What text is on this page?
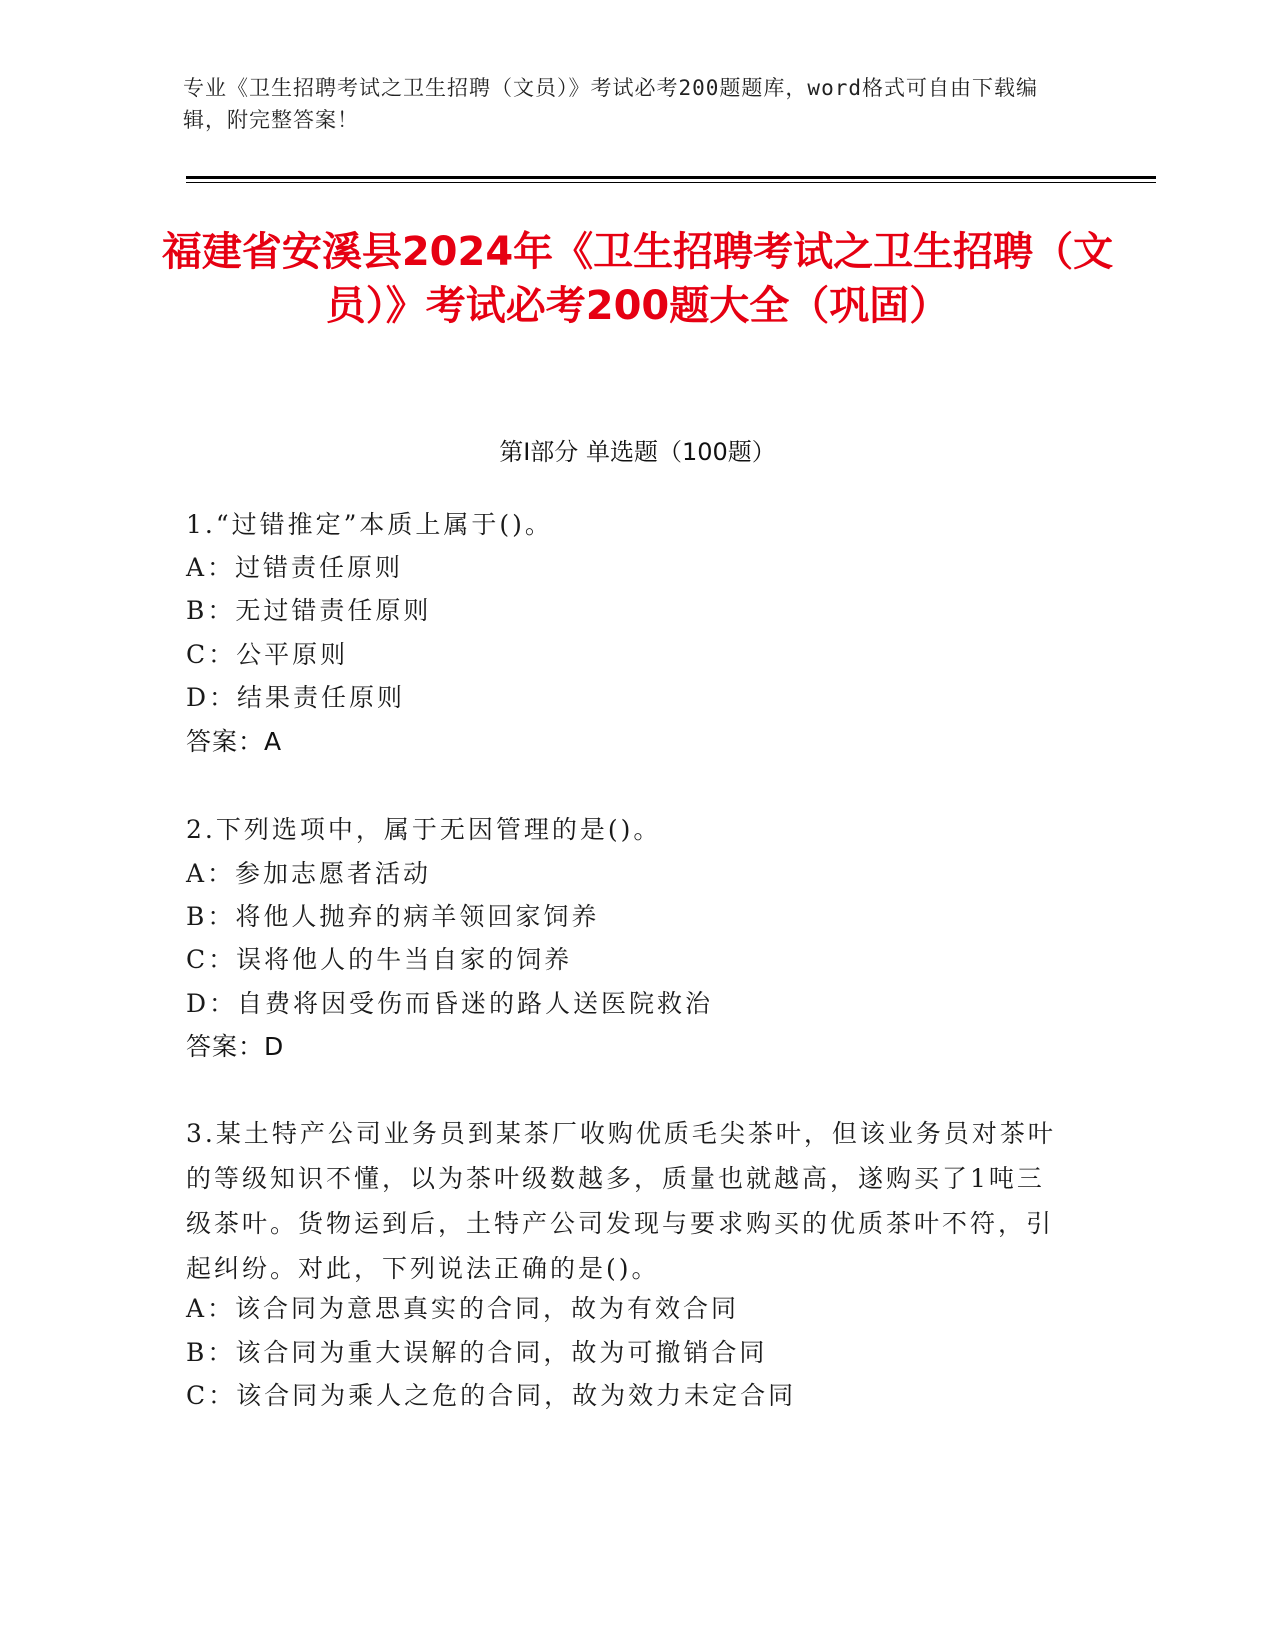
专业《卫生招聘考试之卫生招聘（文员）》考试必考200题题库，word格式可自由下载编辑，附完整答案！
福建省安溪县2024年《卫生招聘考试之卫生招聘（文员）》考试必考200题大全（巩固）
第Ⅰ部分 单选题（100题）
1.“过错推定”本质上属于()。
A：过错责任原则
B：无过错责任原则
C：公平原则
D：结果责任原则
答案：A
2.下列选项中，属于无因管理的是()。
A：参加志愿者活动
B：将他人抛弃的病羊领回家饲养
C：误将他人的牛当自家的饲养
D：自费将因受伤而昏迷的路人送医院救治
答案：D
3.某土特产公司业务员到某茶厂收购优质毛尖茶叶，但该业务员对茶叶的等级知识不懂，以为茶叶级数越多，质量也就越高，遂购买了1吨三级茶叶。货物运到后，土特产公司发现与要求购买的优质茶叶不符，引起纠纷。对此，下列说法正确的是()。
A：该合同为意思真实的合同，故为有效合同
B：该合同为重大误解的合同，故为可撤销合同
C：该合同为乘人之危的合同，故为效力未定合同
